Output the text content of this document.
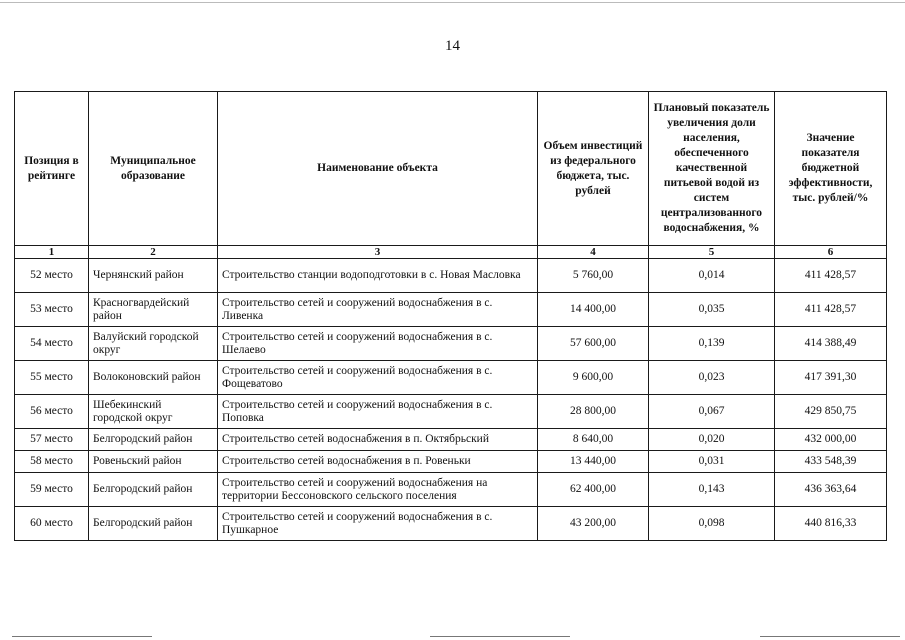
14
Позиция в рейтинге	Муниципальное образование	Наименование объекта	Объем инвестиций из федерального бюджета, тыс. рублей	Плановый показатель увеличения доли населения, обеспеченного качественной питьевой водой из систем централизованного водоснабжения, %	Значение показателя бюджетной эффективности, тыс. рублей/%
1	2	3	4	5	6
52 место	Чернянский район	Строительство станции водоподготовки в с. Новая Масловка	5 760,00	0,014	411 428,57
53 место	Красногвардейский район	Строительство сетей и сооружений водоснабжения в с. Ливенка	14 400,00	0,035	411 428,57
54 место	Валуйский городской округ	Строительство сетей и сооружений водоснабжения в с. Шелаево	57 600,00	0,139	414 388,49
55 место	Волоконовский район	Строительство сетей и сооружений водоснабжения в с. Фощеватово	9 600,00	0,023	417 391,30
56 место	Шебекинский городской округ	Строительство сетей и сооружений водоснабжения в с. Поповка	28 800,00	0,067	429 850,75
57 место	Белгородский район	Строительство сетей водоснабжения в п. Октябрьский	8 640,00	0,020	432 000,00
58 место	Ровеньский район	Строительство сетей водоснабжения в п. Ровеньки	13 440,00	0,031	433 548,39
59 место	Белгородский район	Строительство сетей и сооружений водоснабжения на территории Бессоновского сельского поселения	62 400,00	0,143	436 363,64
60 место	Белгородский район	Строительство сетей и сооружений водоснабжения в с. Пушкарное	43 200,00	0,098	440 816,33
